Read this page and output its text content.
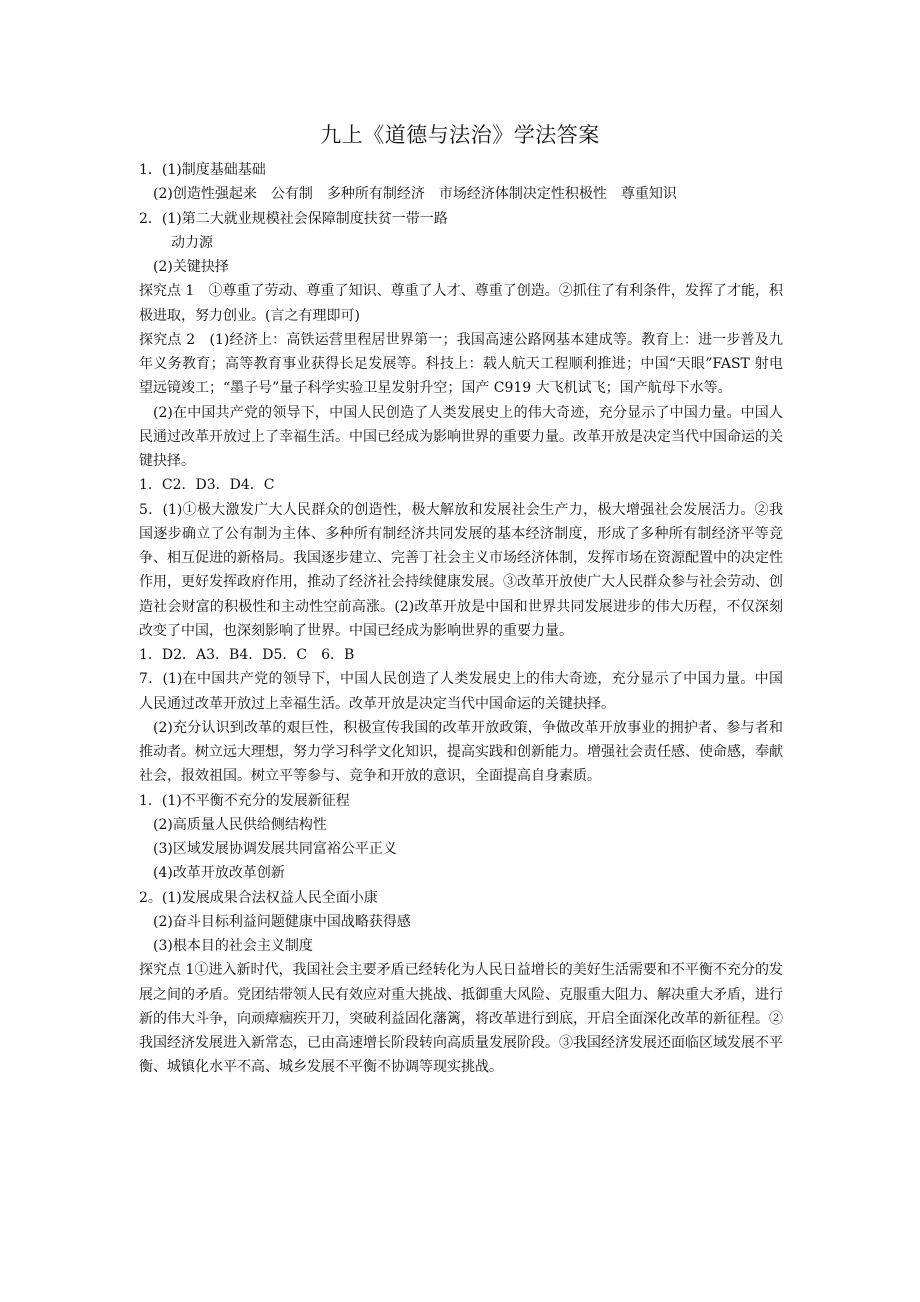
九上《道德与法治》学法答案

1．(1)制度基础基础

(2)创造性强起来　公有制　多种所有制经济　市场经济体制决定性积极性　尊重知识

2．(1)第二大就业规模社会保障制度扶贫一带一路

动力源

(2)关键抉择

探究点 1　①尊重了劳动、尊重了知识、尊重了人才、尊重了创造。②抓住了有利条件，发挥了才能，积极进取，努力创业。(言之有理即可)

探究点 2　(1)经济上：高铁运营里程居世界第一；我国高速公路网基本建成等。教育上：进一步普及九年义务教育；高等教育事业获得长足发展等。科技上：载人航天工程顺利推进；中国“天眼”FAST 射电望远镜竣工；“墨子号”量子科学实验卫星发射升空；国产 C919 大飞机试飞；国产航母下水等。

(2)在中国共产党的领导下，中国人民创造了人类发展史上的伟大奇迹，充分显示了中国力量。中国人民通过改革开放过上了幸福生活。中国已经成为影响世界的重要力量。改革开放是决定当代中国命运的关键抉择。

1．C2．D3．D4．C

5．(1)①极大激发广大人民群众的创造性，极大解放和发展社会生产力，极大增强社会发展活力。②我国逐步确立了公有制为主体、多种所有制经济共同发展的基本经济制度，形成了多种所有制经济平等竞争、相互促进的新格局。我国逐步建立、完善丁社会主义市场经济体制，发挥市场在资源配置中的决定性作用，更好发挥政府作用，推动了经济社会持续健康发展。③改革开放使广大人民群众参与社会劳动、创造社会财富的积极性和主动性空前高涨。(2)改革开放是中国和世界共同发展进步的伟大历程，不仅深刻改变了中国，也深刻影响了世界。中国已经成为影响世界的重要力量。

1．D2．A3．B4．D5．C　6．B

7．(1)在中国共产党的领导下，中国人民创造了人类发展史上的伟大奇迹，充分显示了中国力量。中国人民通过改革开放过上幸福生活。改革开放是决定当代中国命运的关键抉择。

(2)充分认识到改革的艰巨性，积极宣传我国的改革开放政策，争做改革开放事业的拥护者、参与者和推动者。树立远大理想，努力学习科学文化知识，提高实践和创新能力。增强社会责任感、使命感，奉献社会，报效祖国。树立平等参与、竞争和开放的意识，全面提高自身素质。

1．(1)不平衡不充分的发展新征程

(2)高质量人民供给侧结构性

(3)区域发展协调发展共同富裕公平正义

(4)改革开放改革创新

2。(1)发展成果合法权益人民全面小康

(2)奋斗目标利益问题健康中国战略获得感

(3)根本目的社会主义制度

探究点 1①进入新时代，我国社会主要矛盾已经转化为人民日益增长的美好生活需要和不平衡不充分的发展之间的矛盾。党团结带领人民有效应对重大挑战、抵御重大风险、克服重大阻力、解决重大矛盾，进行新的伟大斗争，向顽瘴痼疾开刀，突破利益固化藩篱，将改革进行到底，开启全面深化改革的新征程。②我国经济发展进入新常态，已由高速增长阶段转向高质量发展阶段。③我国经济发展还面临区域发展不平衡、城镇化水平不高、城乡发展不平衡不协调等现实挑战。
